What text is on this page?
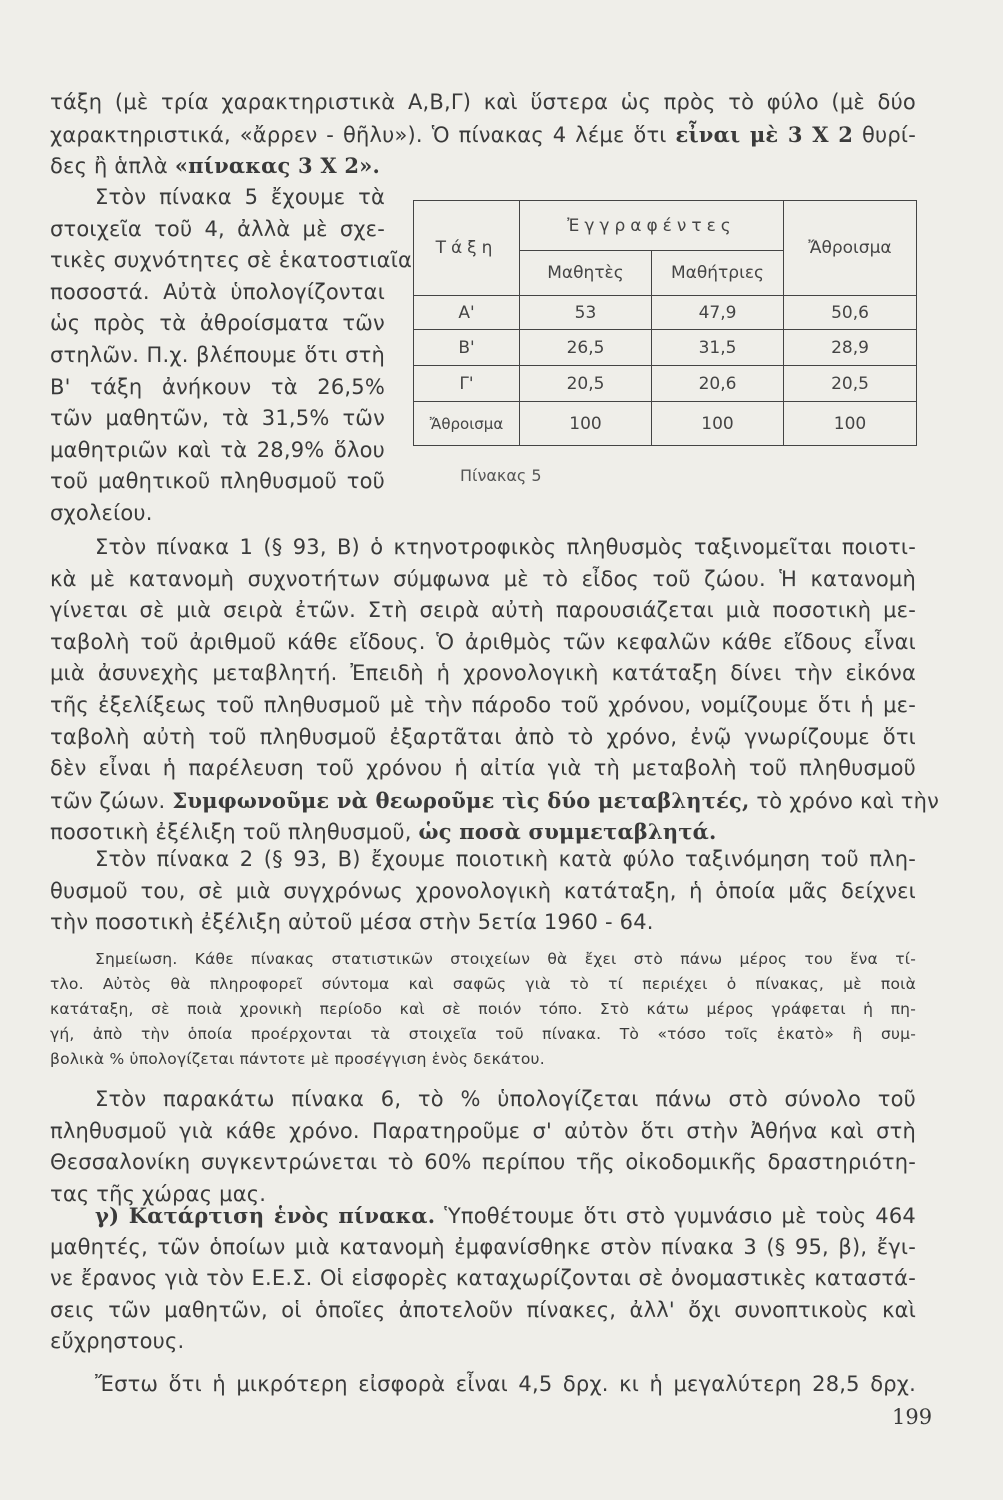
τάξη (μὲ τρία χαρακτηριστικὰ Α,Β,Γ) καὶ ὕστερα ὡς πρὸς τὸ φύλο (μὲ δύο
χαρακτηριστικά, «ἄρρεν - θῆλυ»). Ὁ πίνακας 4 λέμε ὅτι εἶναι μὲ 3 X 2 θυρί-
δες ἢ ἁπλὰ «πίνακας 3 X 2».
Στὸν πίνακα 5 ἔχουμε τὰ
στοιχεῖα τοῦ 4, ἀλλὰ μὲ σχε-
τικὲς συχνότητες σὲ ἑκατοστιαῖα
ποσοστά. Αὐτὰ ὑπολογίζονται
ὡς πρὸς τὰ ἀθροίσματα τῶν
στηλῶν. Π.χ. βλέπουμε ὅτι στὴ
Β' τάξη ἀνήκουν τὰ 26,5%
τῶν μαθητῶν, τὰ 31,5% τῶν
μαθητριῶν καὶ τὰ 28,9% ὅλου
τοῦ μαθητικοῦ πληθυσμοῦ τοῦ
σχολείου.
Στὸν πίνακα 1 (§ 93, Β) ὁ κτηνοτροφικὸς πληθυσμὸς ταξινομεῖται ποιοτι-
κὰ μὲ κατανομὴ συχνοτήτων σύμφωνα μὲ τὸ εἶδος τοῦ ζώου. Ἡ κατανομὴ
γίνεται σὲ μιὰ σειρὰ ἐτῶν. Στὴ σειρὰ αὐτὴ παρουσιάζεται μιὰ ποσοτικὴ με-
ταβολὴ τοῦ ἀριθμοῦ κάθε εἴδους. Ὁ ἀριθμὸς τῶν κεφαλῶν κάθε εἴδους εἶναι
μιὰ ἀσυνεχὴς μεταβλητή. Ἐπειδὴ ἡ χρονολογικὴ κατάταξη δίνει τὴν εἰκόνα
τῆς ἐξελίξεως τοῦ πληθυσμοῦ μὲ τὴν πάροδο τοῦ χρόνου, νομίζουμε ὅτι ἡ με-
ταβολὴ αὐτὴ τοῦ πληθυσμοῦ ἐξαρτᾶται ἀπὸ τὸ χρόνο, ἐνῷ γνωρίζουμε ὅτι
δὲν εἶναι ἡ παρέλευση τοῦ χρόνου ἡ αἰτία γιὰ τὴ μεταβολὴ τοῦ πληθυσμοῦ
τῶν ζώων. Συμφωνοῦμε νὰ θεωροῦμε τὶς δύο μεταβλητές, τὸ χρόνο καὶ τὴν
ποσοτικὴ ἐξέλιξη τοῦ πληθυσμοῦ, ὡς ποσὰ συμμεταβλητά.
Στὸν πίνακα 2 (§ 93, Β) ἔχουμε ποιοτικὴ κατὰ φύλο ταξινόμηση τοῦ πλη-
θυσμοῦ του, σὲ μιὰ συγχρόνως χρονολογικὴ κατάταξη, ἡ ὁποία μᾶς δείχνει
τὴν ποσοτικὴ ἐξέλιξη αὐτοῦ μέσα στὴν 5ετία 1960 - 64.
Σημείωση. Κάθε πίνακας στατιστικῶν στοιχείων θὰ ἔχει στὸ πάνω μέρος του ἕνα τί-
τλο. Αὐτὸς θὰ πληροφορεῖ σύντομα καὶ σαφῶς γιὰ τὸ τί περιέχει ὁ πίνακας, μὲ ποιὰ
κατάταξη, σὲ ποιὰ χρονικὴ περίοδο καὶ σὲ ποιόν τόπο. Στὸ κάτω μέρος γράφεται ἡ πη-
γή, ἀπὸ τὴν ὁποία προέρχονται τὰ στοιχεῖα τοῦ πίνακα. Τὸ «τόσο τοῖς ἑκατὸ» ἢ συμ-
βολικὰ % ὑπολογίζεται πάντοτε μὲ προσέγγιση ἑνὸς δεκάτου.
Στὸν παρακάτω πίνακα 6, τὸ % ὑπολογίζεται πάνω στὸ σύνολο τοῦ
πληθυσμοῦ γιὰ κάθε χρόνο. Παρατηροῦμε σ' αὐτὸν ὅτι στὴν Ἀθήνα καὶ στὴ
Θεσσαλονίκη συγκεντρώνεται τὸ 60% περίπου τῆς οἰκοδομικῆς δραστηριότη-
τας τῆς χώρας μας.
γ) Κατάρτιση ἑνὸς πίνακα. Ὑποθέτουμε ὅτι στὸ γυμνάσιο μὲ τοὺς 464
μαθητές, τῶν ὁποίων μιὰ κατανομὴ ἐμφανίσθηκε στὸν πίνακα 3 (§ 95, β), ἔγι-
νε ἔρανος γιὰ τὸν Ε.Ε.Σ. Οἱ εἰσφορὲς καταχωρίζονται σὲ ὀνομαστικὲς καταστά-
σεις τῶν μαθητῶν, οἱ ὁποῖες ἀποτελοῦν πίνακες, ἀλλ' ὄχι συνοπτικοὺς καὶ
εὔχρηστους.
Ἔστω ὅτι ἡ μικρότερη εἰσφορὰ εἶναι 4,5 δρχ. κι ἡ μεγαλύτερη 28,5 δρχ.
Τάξη	Ἐγγραφέντες		Ἄθροισμα
	Μαθητὲς	Μαθήτριες	
Α'	53	47,9	50,6
Β'	26,5	31,5	28,9
Γ'	20,5	20,6	20,5
Ἄθροισμα	100	100	100
Πίνακας 5
199
